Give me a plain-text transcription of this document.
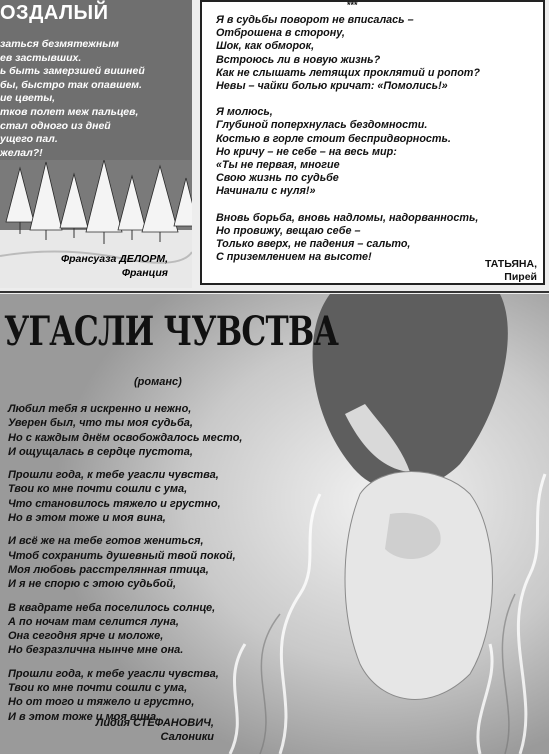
ОЗДАЛЫЙ
заться безмятежным
ев застывших.
ь быть замерзшей вишней
бы, быстро так опавшем.
ие цветы,
тков полет меж пальцев,
стал одного из дней
ущего пал.
желал?!
Франсуаза ДЕЛОРМ,
Франция
***
Я в судьбы поворот не вписалась –
Отброшена в сторону,
Шок, как обморок,
Встроюсь ли в новую жизнь?
Как не слышать летящих проклятий и ропот?
Невы – чайки болью кричат: «Помолись!»
Я молюсь,
Глубиной поперхнулась бездомности.
Костью в горле стоит беспридворность.
Но кричу – не себе – на весь мир:
«Ты не первая, многие
Свою жизнь по судьбе
Начинали с нуля!»
Вновь борьба, вновь надломы, надорванность,
Но провижу, вещаю себе –
Только вверх, не падения – сальто,
С приземлением на высоте!
ТАТЬЯНА,
Пирей
УГАСЛИ ЧУВСТВА
(романс)
Любил тебя я искренно и нежно,
Уверен был, что ты моя судьба,
Но с каждым днём освобождалось место,
И ощущалась в сердце пустота,
Прошли года, к тебе угасли чувства,
Твои ко мне почти сошли с ума,
Что становилось тяжело и грустно,
Но в этом тоже и моя вина,
И всё же на тебе готов жениться,
Чтоб сохранить душевный твой покой,
Моя любовь расстрелянная птица,
И я не спорю с этою судьбой,
В квадрате неба поселилось солнце,
А по ночам там селится луна,
Она сегодня ярче и моложе,
Но безразлична нынче мне она.
Прошли года, к тебе угасли чувства,
Твои ко мне почти сошли с ума,
Но от того и тяжело и грустно,
И в этом тоже и моя вина.
Лидия СТЕФАНОВИЧ,
Салоники
